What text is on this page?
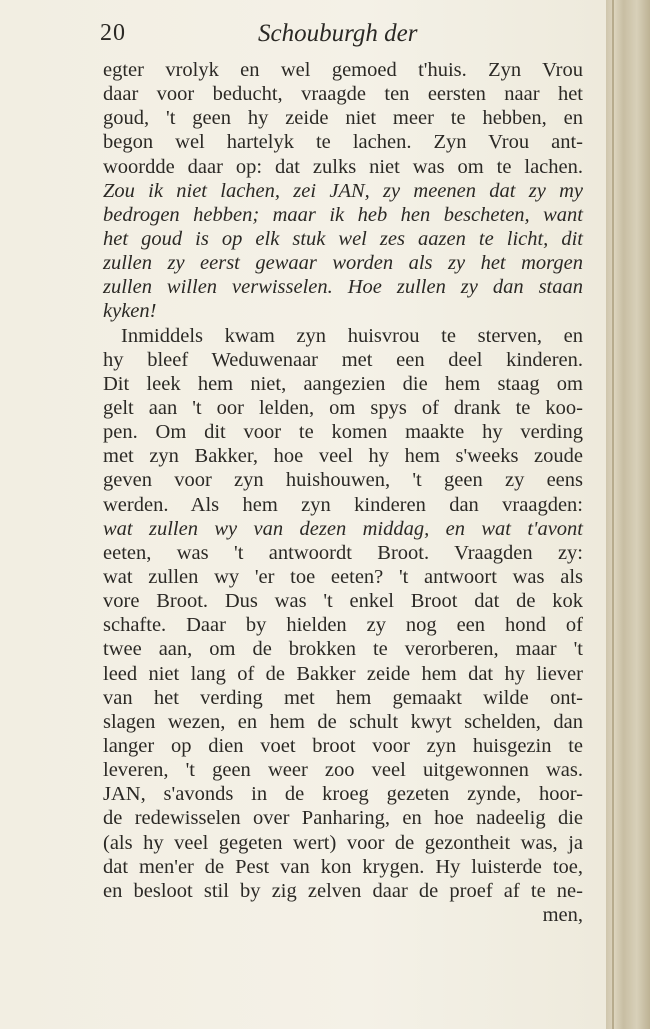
20	Schouburgh der
egter vrolyk en wel gemoed t'huis. Zyn Vrou
daar voor beducht, vraagde ten eersten naar het
goud, 't geen hy zeide niet meer te hebben, en
begon wel hartelyk te lachen. Zyn Vrou ant-
woordde daar op: dat zulks niet was om te lachen.
Zou ik niet lachen, zei JAN, zy meenen dat zy my
bedrogen hebben; maar ik heb hen bescheten, want
het goud is op elk stuk wel zes aazen te licht, dit
zullen zy eerst gewaar worden als zy het morgen
zullen willen verwisselen. Hoe zullen zy dan staan
kyken!
Inmiddels kwam zyn huisvrou te sterven, en
hy bleef Weduwenaar met een deel kinderen.
Dit leek hem niet, aangezien die hem staag om
gelt aan 't oor lelden, om spys of drank te koo-
pen. Om dit voor te komen maakte hy verding
met zyn Bakker, hoe veel hy hem s'weeks zoude
geven voor zyn huishouwen, 't geen zy eens
werden. Als hem zyn kinderen dan vraagden:
wat zullen wy van dezen middag, en wat t'avont
eeten, was 't antwoordt Broot. Vraagden zy:
wat zullen wy 'er toe eeten? 't antwoort was als
vore Broot. Dus was 't enkel Broot dat de kok
schafte. Daar by hielden zy nog een hond of
twee aan, om de brokken te verorberen, maar 't
leed niet lang of de Bakker zeide hem dat hy liever
van het verding met hem gemaakt wilde ont-
slagen wezen, en hem de schult kwyt schelden, dan
langer op dien voet broot voor zyn huisgezin te
leveren, 't geen weer zoo veel uitgewonnen was.
JAN, s'avonds in de kroeg gezeten zynde, hoor-
de redewisselen over Panharing, en hoe nadeelig die
(als hy veel gegeten wert) voor de gezontheit was, ja
dat men'er de Pest van kon krygen. Hy luisterde toe,
en besloot stil by zig zelven daar de proef af te ne-
men,
